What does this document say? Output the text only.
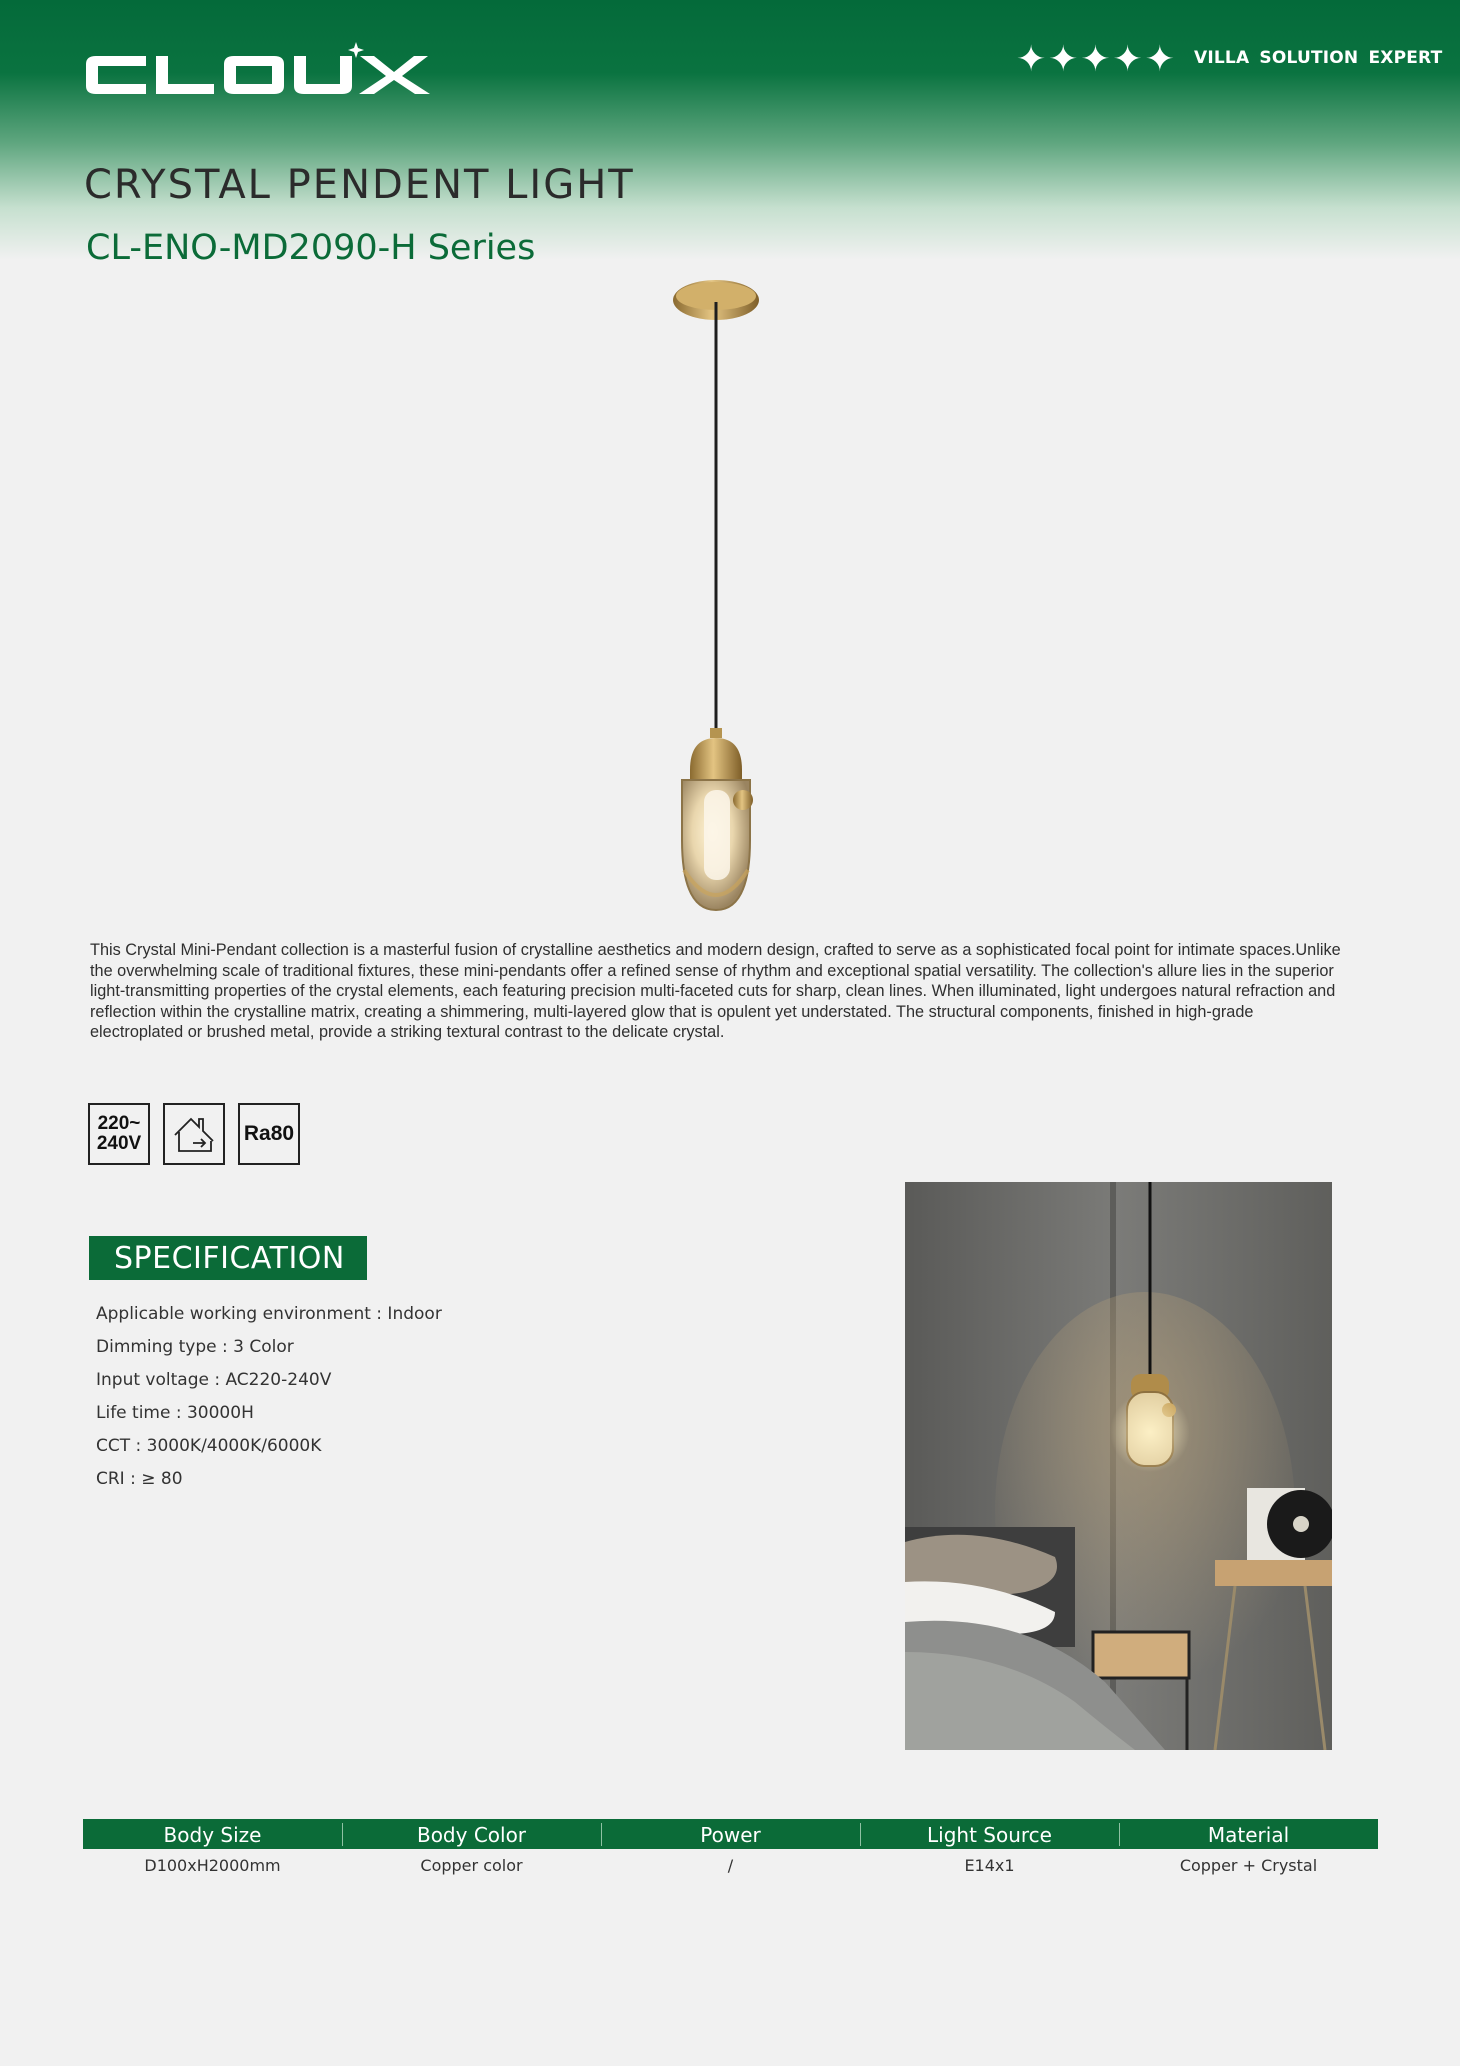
✦ ✦ ✦ ✦ ✦ VILLA SOLUTION EXPERT
CRYSTAL PENDENT LIGHT
CL-ENO-MD2090-H Series
This Crystal Mini-Pendant collection is a masterful fusion of crystalline aesthetics and modern design, crafted to serve as a sophisticated focal point for intimate spaces.Unlike the overwhelming scale of traditional fixtures, these mini-pendants offer a refined sense of rhythm and exceptional spatial versatility. The collection's allure lies in the superior light-transmitting properties of the crystal elements, each featuring precision multi-faceted cuts for sharp, clean lines. When illuminated, light undergoes natural refraction and reflection within the crystalline matrix, creating a shimmering, multi-layered glow that is opulent yet understated. The structural components, finished in high-grade electroplated or brushed metal, provide a striking textural contrast to the delicate crystal.
220~
240V	Ra80
SPECIFICATION
Applicable working environment : Indoor
Dimming type : 3 Color
Input voltage : AC220-240V
Life time : 30000H
CCT : 3000K/4000K/6000K
CRI : ≥ 80
Body Size	Body Color	Power	Light Source	Material
D100xH2000mm	Copper color	/	E14x1	Copper + Crystal
